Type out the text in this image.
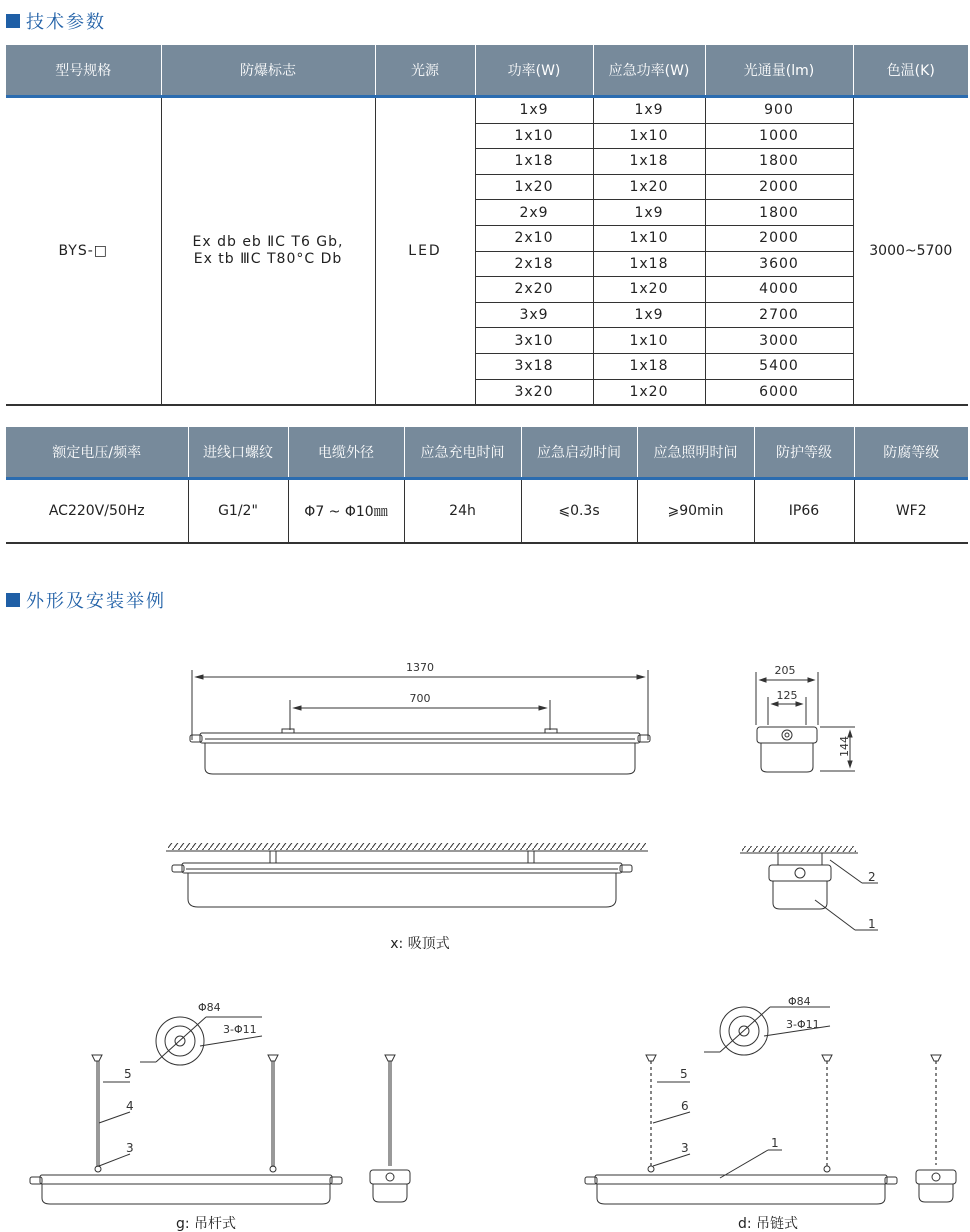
技术参数
型号规格	防爆标志	光源	功率(W)	应急功率(W)	光通量(lm)	色温(K)
BYS-□	Ex db eb ⅡC T6 Gb,
Ex tb ⅢC T80°C Db	LED	1x9	1x9	900	3000~5700
			1x10	1x10	1000	
			1x18	1x18	1800	
			1x20	1x20	2000	
			2x9	1x9	1800	
			2x10	1x10	2000	
			2x18	1x18	3600	
			2x20	1x20	4000	
			3x9	1x9	2700	
			3x10	1x10	3000	
			3x18	1x18	5400	
			3x20	1x20	6000	
额定电压/频率	进线口螺纹	电缆外径	应急充电时间	应急启动时间	应急照明时间	防护等级	防腐等级
AC220V/50Hz	G1/2"	Φ7 ~ Φ10㎜	24h	⩽0.3s	⩾90min	IP66	WF2
外形及安装举例
1370
700
205
125
144
2
1
x: 吸顶式
Φ84
3-Φ11
5
4
3
g: 吊杆式
Φ84
3-Φ11
5
6
3	1
d: 吊链式
